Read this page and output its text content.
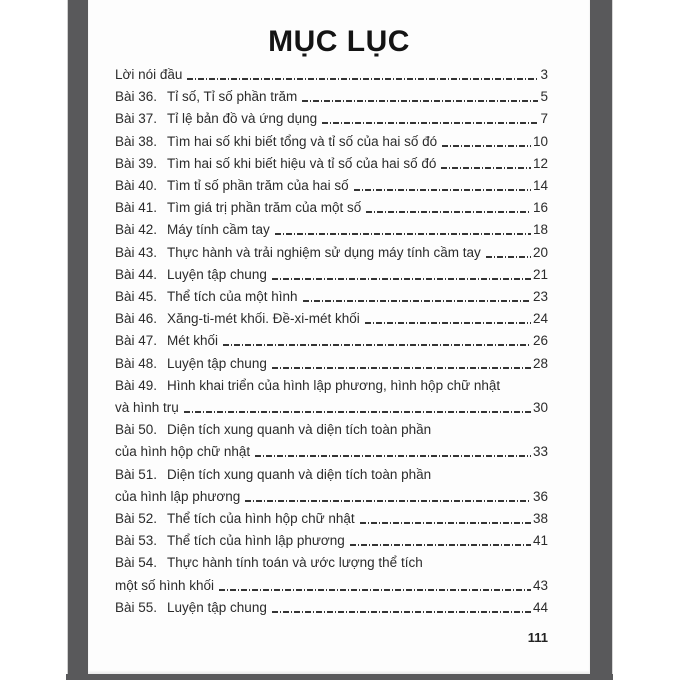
MỤC LỤC
Lời nói đầu	3
Bài 36. Tỉ số, Tỉ số phần trăm	5
Bài 37. Tỉ lệ bản đồ và ứng dụng	7
Bài 38. Tìm hai số khi biết tổng và tỉ số của hai số đó	10
Bài 39. Tìm hai số khi biết hiệu và tỉ số của hai số đó	12
Bài 40. Tìm tỉ số phần trăm của hai số	14
Bài 41. Tìm giá trị phần trăm của một số	16
Bài 42. Máy tính cầm tay	18
Bài 43. Thực hành và trải nghiệm sử dụng máy tính cầm tay	20
Bài 44. Luyện tập chung	21
Bài 45. Thể tích của một hình	23
Bài 46. Xăng-ti-mét khối. Đề-xi-mét khối	24
Bài 47. Mét khối	26
Bài 48. Luyện tập chung	28
Bài 49. Hình khai triển của hình lập phương, hình hộp chữ nhật
và hình trụ	30
Bài 50. Diện tích xung quanh và diện tích toàn phần
của hình hộp chữ nhật	33
Bài 51. Diện tích xung quanh và diện tích toàn phần
của hình lập phương	36
Bài 52. Thể tích của hình hộp chữ nhật	38
Bài 53. Thể tích của hình lập phương	41
Bài 54. Thực hành tính toán và ước lượng thể tích
một số hình khối	43
Bài 55. Luyện tập chung	44
111
